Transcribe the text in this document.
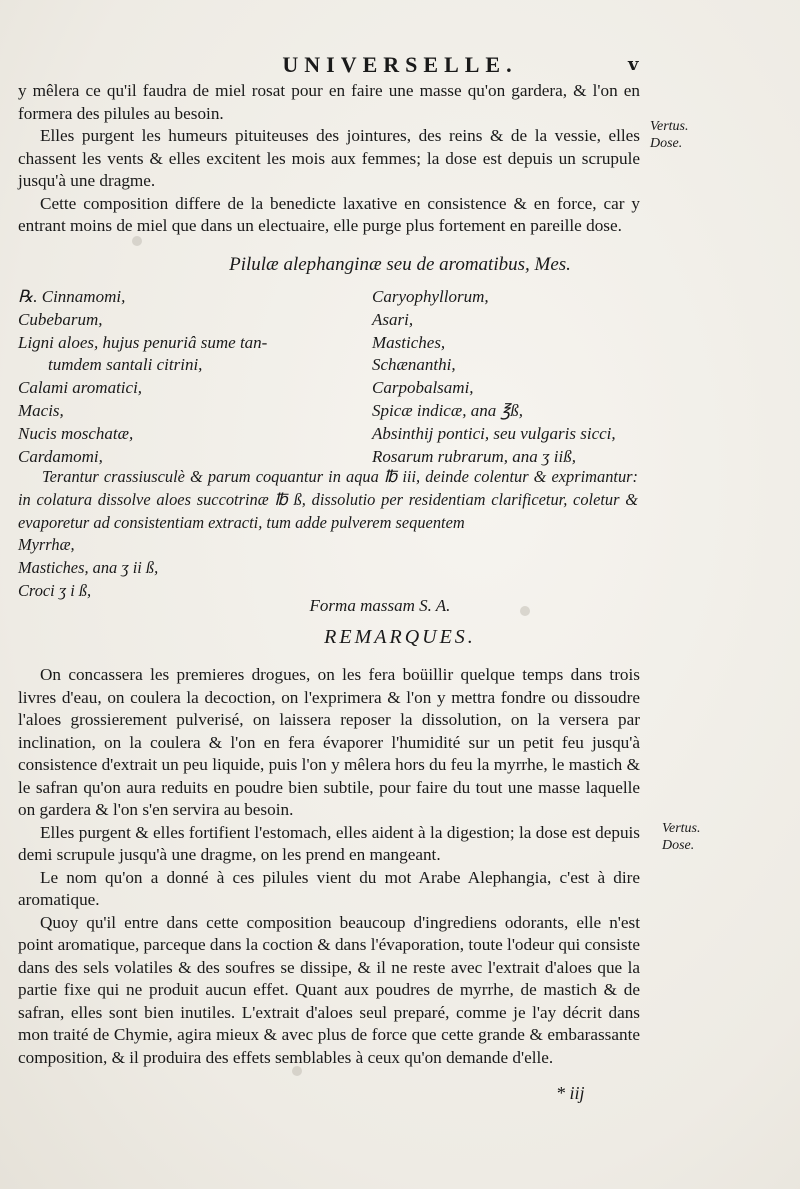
UNIVERSELLE.	v

y mêlera ce qu'il faudra de miel rosat pour en faire une masse qu'on gardera, & l'on en formera des pilules au besoin.

Elles purgent les humeurs pituiteuses des jointures, des reins & de la vessie, elles chassent les vents & elles excitent les mois aux femmes; la dose est depuis un scrupule jusqu'à une dragme.

Cette composition differe de la benedicte laxative en consistence & en force, car y entrant moins de miel que dans un electuaire, elle purge plus fortement en pareille dose.

Vertus. Dose.
Pilulæ alephanginæ seu de aromatibus, Mes.
℞. Cinnamomi,
Cubebarum,
Ligni aloes, hujus penuriâ sume tan-
tumdem santali citrini,
Calami aromatici,
Macis,
Nucis moschatæ,
Cardamomi,
Caryophyllorum,
Asari,
Mastiches,
Schænanthi,
Carpobalsami,
Spicæ indicæ, ana ℥ß,
Absinthij pontici, seu vulgaris sicci,
Rosarum rubrarum, ana ʒ iiß,

Terantur crassiusculè & parum coquantur in aqua ℔ iii, deinde colentur & exprimantur: in colatura dissolve aloes succotrinæ ℔ ß, dissolutio per residentiam clarificetur, coletur & evaporetur ad consistentiam extracti, tum adde pulverem sequentem

Myrrhæ,

Mastiches, ana ʒ ii ß,

Croci ʒ i ß,

Forma massam S. A.
REMARQUES.

On concassera les premieres drogues, on les fera boüillir quelque temps dans trois livres d'eau, on coulera la decoction, on l'exprimera & l'on y mettra fondre ou dissoudre l'aloes grossierement pulverisé, on laissera reposer la dissolution, on la versera par inclination, on la coulera & l'on en fera évaporer l'humidité sur un petit feu jusqu'à consistence d'extrait un peu liquide, puis l'on y mêlera hors du feu la myrrhe, le mastich & le safran qu'on aura reduits en poudre bien subtile, pour faire du tout une masse laquelle on gardera & l'on s'en servira au besoin.

Elles purgent & elles fortifient l'estomach, elles aident à la digestion; la dose est depuis demi scrupule jusqu'à une dragme, on les prend en mangeant.

Le nom qu'on a donné à ces pilules vient du mot Arabe Alephangia, c'est à dire aromatique.

Quoy qu'il entre dans cette composition beaucoup d'ingrediens odorants, elle n'est point aromatique, parceque dans la coction & dans l'évaporation, toute l'odeur qui consiste dans des sels volatiles & des soufres se dissipe, & il ne reste avec l'extrait d'aloes que la partie fixe qui ne produit aucun effet. Quant aux poudres de myrrhe, de mastich & de safran, elles sont bien inutiles. L'extrait d'aloes seul preparé, comme je l'ay décrit dans mon traité de Chymie, agira mieux & avec plus de force que cette grande & embarassante composition, & il produira des effets semblables à ceux qu'on demande d'elle.

Vertus. Dose.
* iij
